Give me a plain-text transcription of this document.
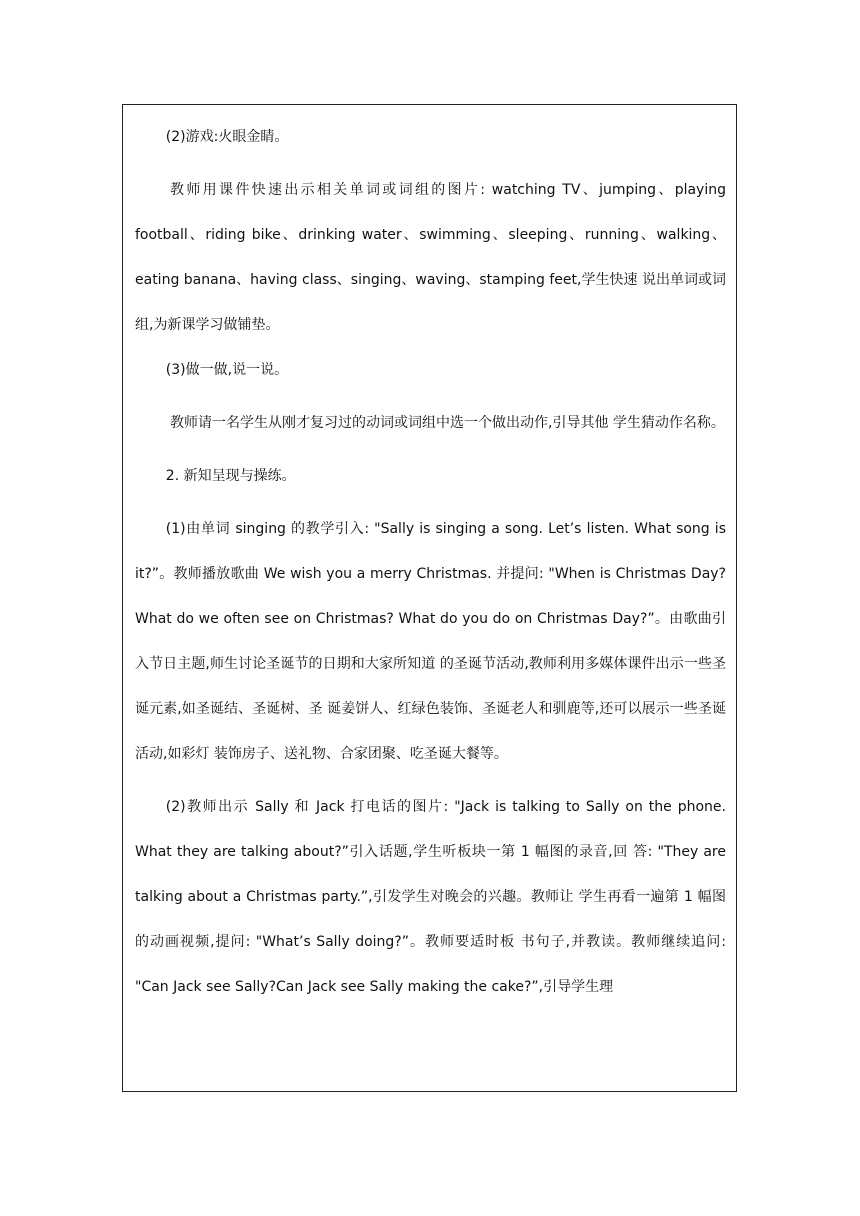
(2)游戏:火眼金睛。

教师用课件快速出示相关单词或词组的图片: watching TV、jumping、playing football、riding bike、drinking water、swimming、sleeping、running、walking、eating banana、having class、singing、waving、stamping feet,学生快速 说出单词或词组,为新课学习做铺垫。

(3)做一做,说一说。

教师请一名学生从刚才复习过的动词或词组中选一个做出动作,引导其他 学生猜动作名称。

2. 新知呈现与操练。

(1)由单词 singing 的教学引入: "Sally is singing a song. Let’s listen. What song is it?”。教师播放歌曲 We wish you a merry Christmas. 并提问: "When is Christmas Day? What do we often see on Christmas? What do you do on Christmas Day?”。由歌曲引入节日主题,师生讨论圣诞节的日期和大家所知道 的圣诞节活动,教师利用多媒体课件出示一些圣诞元素,如圣诞结、圣诞树、圣 诞姜饼人、红绿色装饰、圣诞老人和驯鹿等,还可以展示一些圣诞活动,如彩灯 装饰房子、送礼物、合家团聚、吃圣诞大餐等。

(2)教师出示 Sally 和 Jack 打电话的图片: "Jack is talking to Sally on the phone. What they are talking about?”引入话题,学生听板块一第 1 幅图的录音,回 答: "They are talking about a Christmas party.”,引发学生对晚会的兴趣。教师让 学生再看一遍第 1 幅图的动画视频,提问: "What’s Sally doing?”。教师要适时板 书句子,并教读。教师继续追问: "Can Jack see Sally?Can Jack see Sally making the cake?”,引导学生理
